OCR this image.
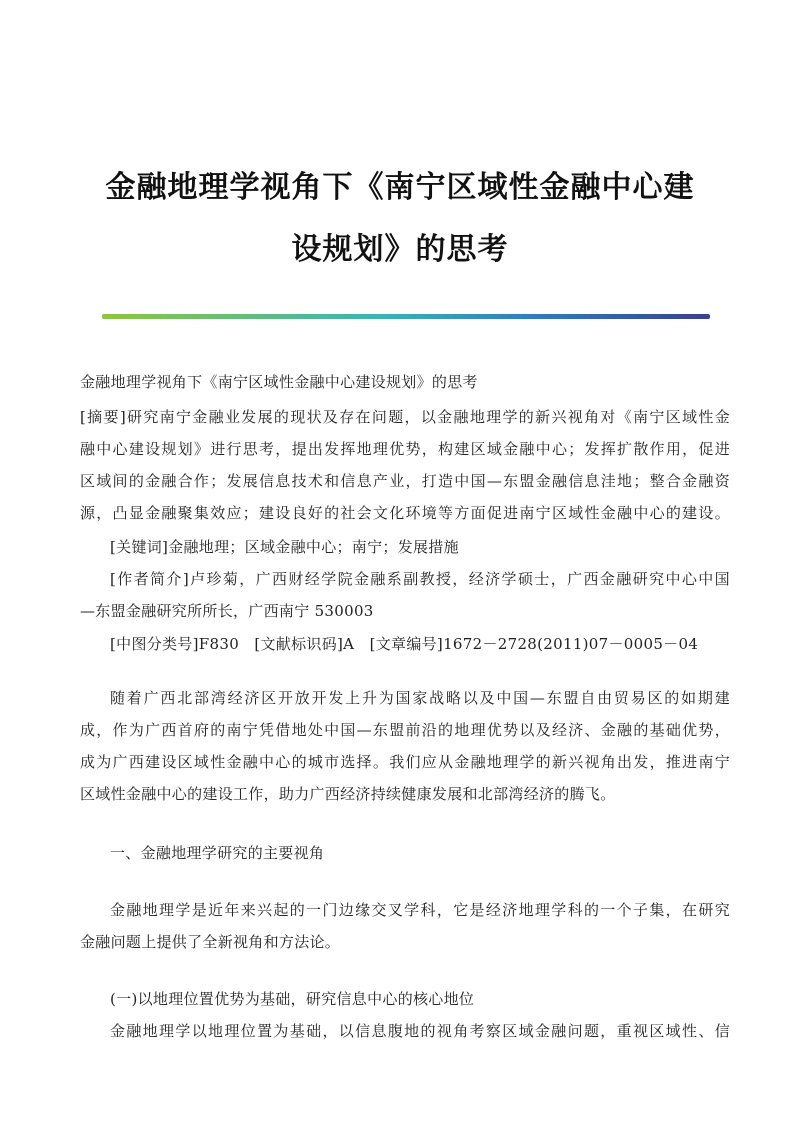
金融地理学视角下《南宁区域性金融中心建
设规划》的思考
金融地理学视角下《南宁区域性金融中心建设规划》的思考
[摘要]研究南宁金融业发展的现状及存在问题，以金融地理学的新兴视角对《南宁区域性金
融中心建设规划》进行思考，提出发挥地理优势，构建区域金融中心；发挥扩散作用，促进
区域间的金融合作；发展信息技术和信息产业，打造中国—东盟金融信息洼地；整合金融资
源，凸显金融聚集效应；建设良好的社会文化环境等方面促进南宁区域性金融中心的建设。
[关键词]金融地理；区域金融中心；南宁；发展措施
[作者简介]卢珍菊，广西财经学院金融系副教授，经济学硕士，广西金融研究中心中国
—东盟金融研究所所长，广西南宁 530003
[中图分类号]F830　[文献标识码]A　[文章编号]1672－2728(2011)07－0005－04
随着广西北部湾经济区开放开发上升为国家战略以及中国—东盟自由贸易区的如期建
成，作为广西首府的南宁凭借地处中国—东盟前沿的地理优势以及经济、金融的基础优势，
成为广西建设区域性金融中心的城市选择。我们应从金融地理学的新兴视角出发，推进南宁
区域性金融中心的建设工作，助力广西经济持续健康发展和北部湾经济的腾飞。
一、金融地理学研究的主要视角
金融地理学是近年来兴起的一门边缘交叉学科，它是经济地理学科的一个子集，在研究
金融问题上提供了全新视角和方法论。
(一)以地理位置优势为基础，研究信息中心的核心地位
金融地理学以地理位置为基础，以信息腹地的视角考察区域金融问题，重视区域性、信
